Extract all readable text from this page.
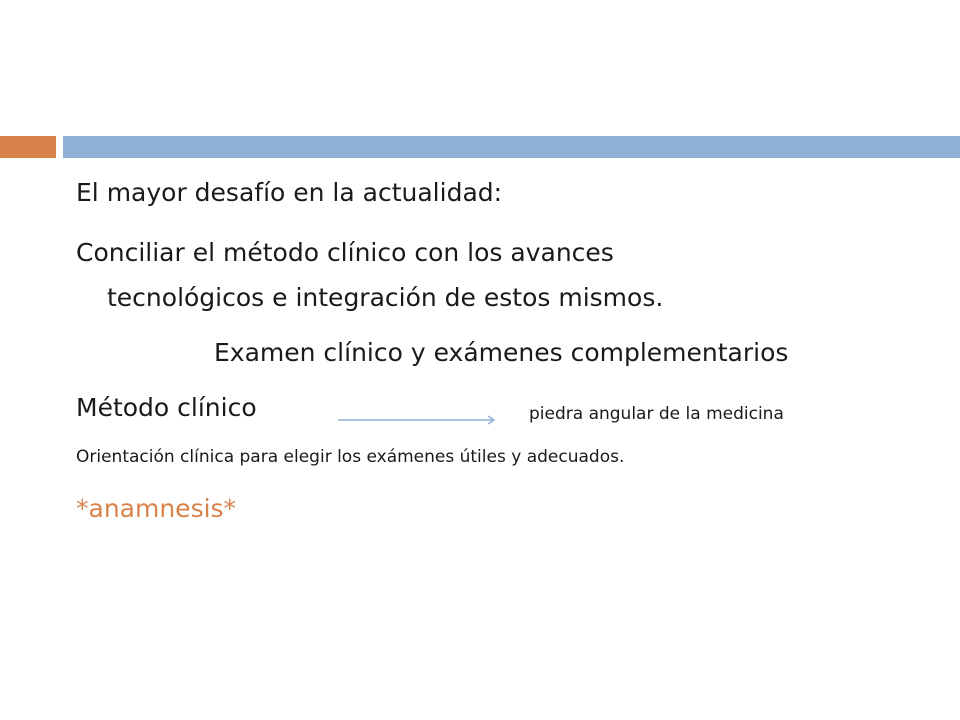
El mayor desafío en la actualidad:
Conciliar el método clínico con los avances
tecnológicos e integración de estos mismos.
Examen clínico y exámenes complementarios
Método clínico	piedra angular de la medicina
Orientación clínica para elegir los exámenes útiles y adecuados.
*anamnesis*
